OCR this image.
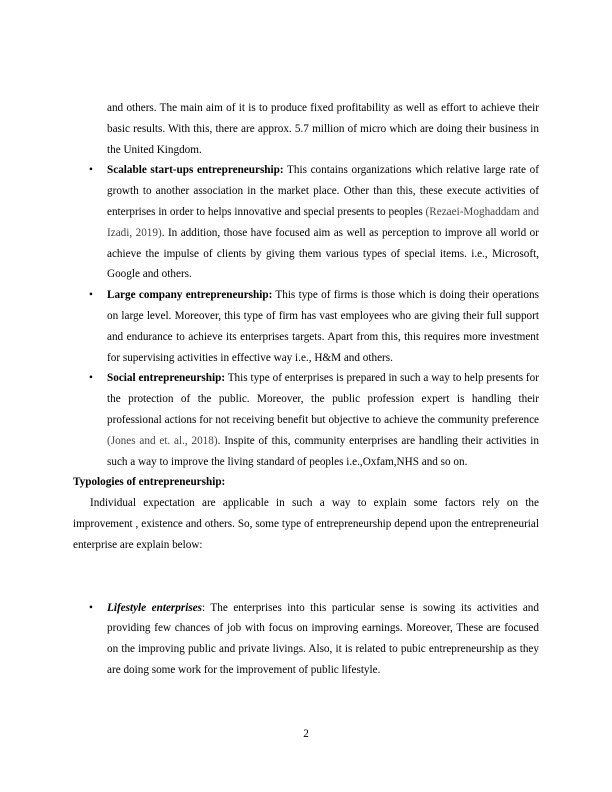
and others. The main aim of it is to produce fixed profitability as well as effort to achieve their basic results. With this, there are approx. 5.7 million of micro which are doing their business in the United Kingdom.
• Scalable start-ups entrepreneurship: This contains organizations which relative large rate of growth to another association in the market place. Other than this, these execute activities of enterprises in order to helps innovative and special presents to peoples (Rezaei-Moghaddam and Izadi, 2019). In addition, those have focused aim as well as perception to improve all world or achieve the impulse of clients by giving them various types of special items. i.e., Microsoft, Google and others.
• Large company entrepreneurship: This type of firms is those which is doing their operations on large level. Moreover, this type of firm has vast employees who are giving their full support and endurance to achieve its enterprises targets. Apart from this, this requires more investment for supervising activities in effective way i.e., H&M and others.
• Social entrepreneurship: This type of enterprises is prepared in such a way to help presents for the protection of the public. Moreover, the public profession expert is handling their professional actions for not receiving benefit but objective to achieve the community preference (Jones and et. al., 2018). Inspite of this, community enterprises are handling their activities in such a way to improve the living standard of peoples i.e.,Oxfam,NHS and so on.

Typologies of entrepreneurship:

Individual expectation are applicable in such a way to explain some factors rely on the improvement , existence and others. So, some type of entrepreneurship depend upon the entrepreneurial enterprise are explain below:

• Lifestyle enterprises: The enterprises into this particular sense is sowing its activities and providing few chances of job with focus on improving earnings. Moreover, These are focused on the improving public and private livings. Also, it is related to pubic entrepreneurship as they are doing some work for the improvement of public lifestyle.
2
